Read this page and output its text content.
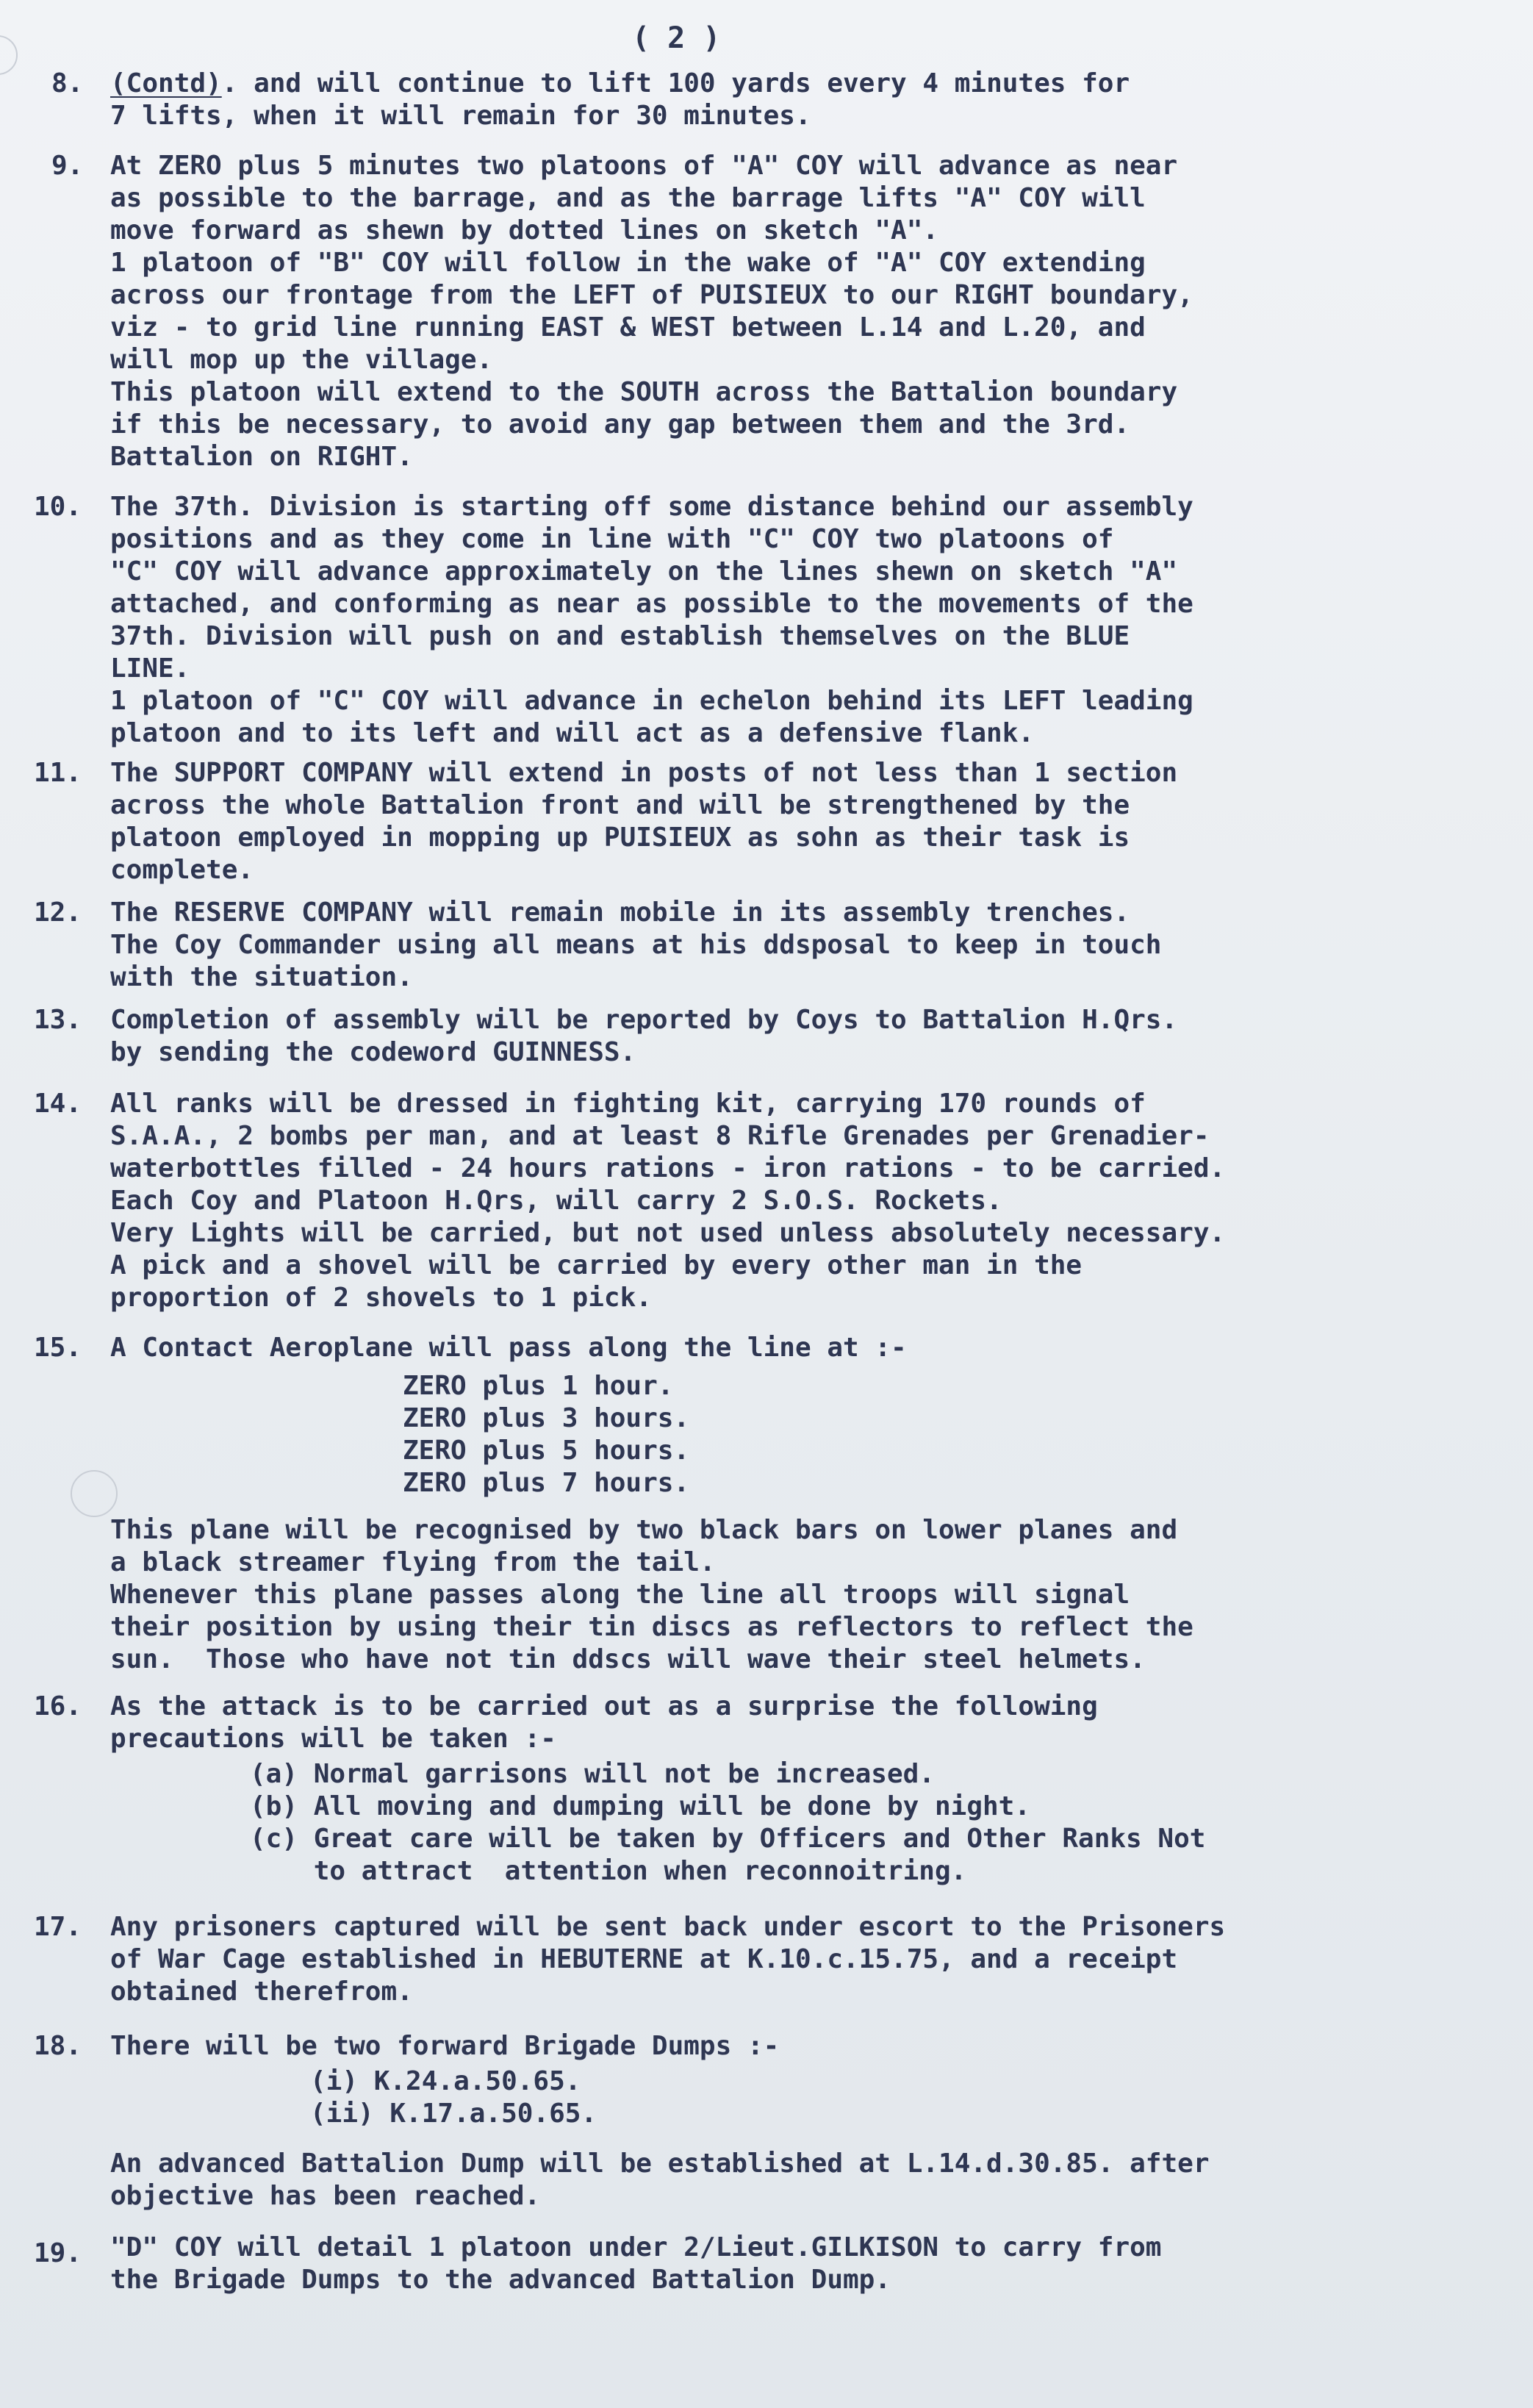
( 2 )
8. (Contd). and will continue to lift 100 yards every 4 minutes for
7 lifts, when it will remain for 30 minutes.
9. At ZERO plus 5 minutes two platoons of "A" COY will advance as near
as possible to the barrage, and as the barrage lifts "A" COY will
move forward as shewn by dotted lines on sketch "A".
1 platoon of "B" COY will follow in the wake of "A" COY extending
across our frontage from the LEFT of PUISIEUX to our RIGHT boundary,
viz - to grid line running EAST & WEST between L.14 and L.20, and
will mop up the village.
This platoon will extend to the SOUTH across the Battalion boundary
if this be necessary, to avoid any gap between them and the 3rd.
Battalion on RIGHT.
10. The 37th. Division is starting off some distance behind our assembly
positions and as they come in line with "C" COY two platoons of
"C" COY will advance approximately on the lines shewn on sketch "A"
attached, and conforming as near as possible to the movements of the
37th. Division will push on and establish themselves on the BLUE
LINE.
1 platoon of "C" COY will advance in echelon behind its LEFT leading
platoon and to its left and will act as a defensive flank.
11. The SUPPORT COMPANY will extend in posts of not less than 1 section
across the whole Battalion front and will be strengthened by the
platoon employed in mopping up PUISIEUX as sohn as their task is
complete.
12. The RESERVE COMPANY will remain mobile in its assembly trenches.
The Coy Commander using all means at his ddsposal to keep in touch
with the situation.
13. Completion of assembly will be reported by Coys to Battalion H.Qrs.
by sending the codeword GUINNESS.
14. All ranks will be dressed in fighting kit, carrying 170 rounds of
S.A.A., 2 bombs per man, and at least 8 Rifle Grenades per Grenadier-
waterbottles filled - 24 hours rations - iron rations - to be carried.
Each Coy and Platoon H.Qrs, will carry 2 S.O.S. Rockets.
Very Lights will be carried, but not used unless absolutely necessary.
A pick and a shovel will be carried by every other man in the
proportion of 2 shovels to 1 pick.
15. A Contact Aeroplane will pass along the line at :-
ZERO plus 1 hour.
ZERO plus 3 hours.
ZERO plus 5 hours.
ZERO plus 7 hours.
This plane will be recognised by two black bars on lower planes and
a black streamer flying from the tail.
Whenever this plane passes along the line all troops will signal
their position by using their tin discs as reflectors to reflect the
sun.  Those who have not tin ddscs will wave their steel helmets.
16. As the attack is to be carried out as a surprise the following
precautions will be taken :-
(a) Normal garrisons will not be increased.
(b) All moving and dumping will be done by night.
(c) Great care will be taken by Officers and Other Ranks Not
to attract  attention when reconnoitring.
17. Any prisoners captured will be sent back under escort to the Prisoners
of War Cage established in HEBUTERNE at K.10.c.15.75, and a receipt
obtained therefrom.
18. There will be two forward Brigade Dumps :-
(i) K.24.a.50.65.
(ii) K.17.a.50.65.
An advanced Battalion Dump will be established at L.14.d.30.85. after
objective has been reached.
19. "D" COY will detail 1 platoon under 2/Lieut.GILKISON to carry from
the Brigade Dumps to the advanced Battalion Dump.
